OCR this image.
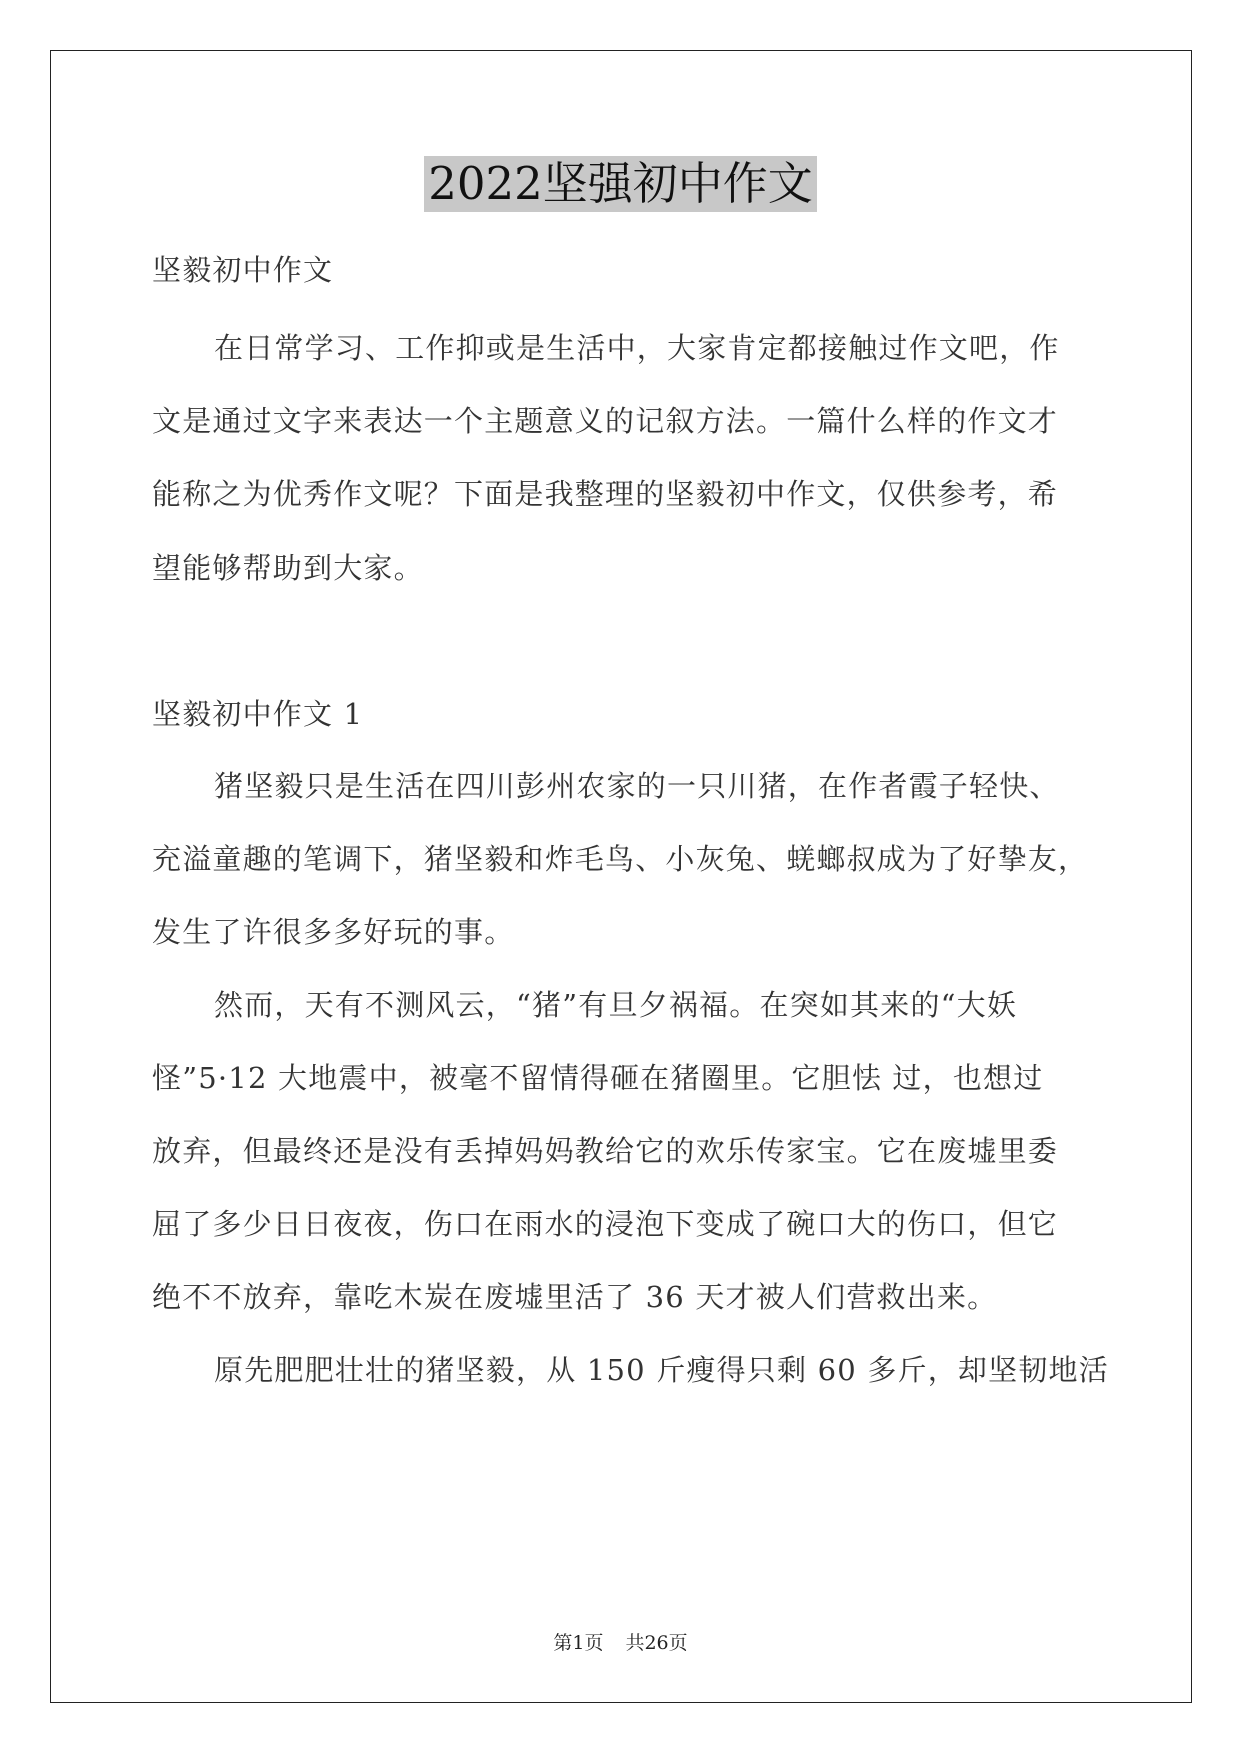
2022坚强初中作文
坚毅初中作文
在日常学习、工作抑或是生活中，大家肯定都接触过作文吧，作
文是通过文字来表达一个主题意义的记叙方法。一篇什么样的作文才
能称之为优秀作文呢？下面是我整理的坚毅初中作文，仅供参考，希
望能够帮助到大家。
坚毅初中作文 1
猪坚毅只是生活在四川彭州农家的一只川猪，在作者霞子轻快、
充溢童趣的笔调下，猪坚毅和炸毛鸟、小灰兔、蜣螂叔成为了好挚友，
发生了许很多多好玩的事。
然而，天有不测风云，“猪”有旦夕祸福。在突如其来的“大妖
怪”5·12 大地震中，被毫不留情得砸在猪圈里。它胆怯 过，也想过
放弃，但最终还是没有丢掉妈妈教给它的欢乐传家宝。它在废墟里委
屈了多少日日夜夜，伤口在雨水的浸泡下变成了碗口大的伤口，但它
绝不不放弃，靠吃木炭在废墟里活了 36 天才被人们营救出来。
原先肥肥壮壮的猪坚毅，从 150 斤瘦得只剩 60 多斤，却坚韧地活
第1页 共26页
